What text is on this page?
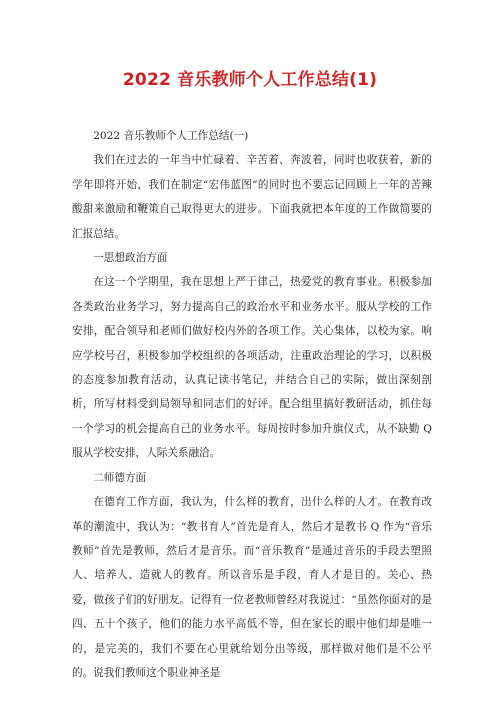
2022 音乐教师个人工作总结(1)

2022 音乐教师个人工作总结(一)

我们在过去的一年当中忙碌着、辛苦着、奔波着，同时也收获着，新的学年即将开始，我们在制定“宏伟蓝图”的同时也不要忘记回顾上一年的苦辣酸甜来激励和鞭策自己取得更大的进步。下面我就把本年度的工作做简要的汇报总结。

一思想政治方面

在这一个学期里，我在思想上严于律己，热爱党的教育事业。积极参加各类政治业务学习，努力提高自己的政治水平和业务水平。服从学校的工作安排，配合领导和老师们做好校内外的各项工作。关心集体，以校为家。响应学校号召，积极参加学校组织的各项活动，注重政治理论的学习，以积极的态度参加教育活动，认真记读书笔记，并结合自己的实际，做出深刻剖析，所写材料受到局领导和同志们的好评。配合组里搞好教研活动，抓住每一个学习的机会提高自己的业务水平。每周按时参加升旗仪式，从不缺勤 Q 服从学校安排，人际关系融洽。

二师德方面

在德育工作方面，我认为，什么样的教育，出什么样的人才。在教育改革的潮流中，我认为：“教书育人”首先是育人，然后才是教书 Q 作为“音乐教师”首先是教师，然后才是音乐。而“音乐教育”是通过音乐的手段去塑照人、培养人、造就人的教育。所以音乐是手段，育人才是目的。关心、热爱，做孩子们的好朋友。记得有一位老教师曾经对我说过：“虽然你面对的是四、五十个孩子，他们的能力水平高低不等，但在家长的眼中他们却是唯一的，是完美的，我们不要在心里就给划分出等级，那样做对他们是不公平的。说我们教师这个职业神圣是
